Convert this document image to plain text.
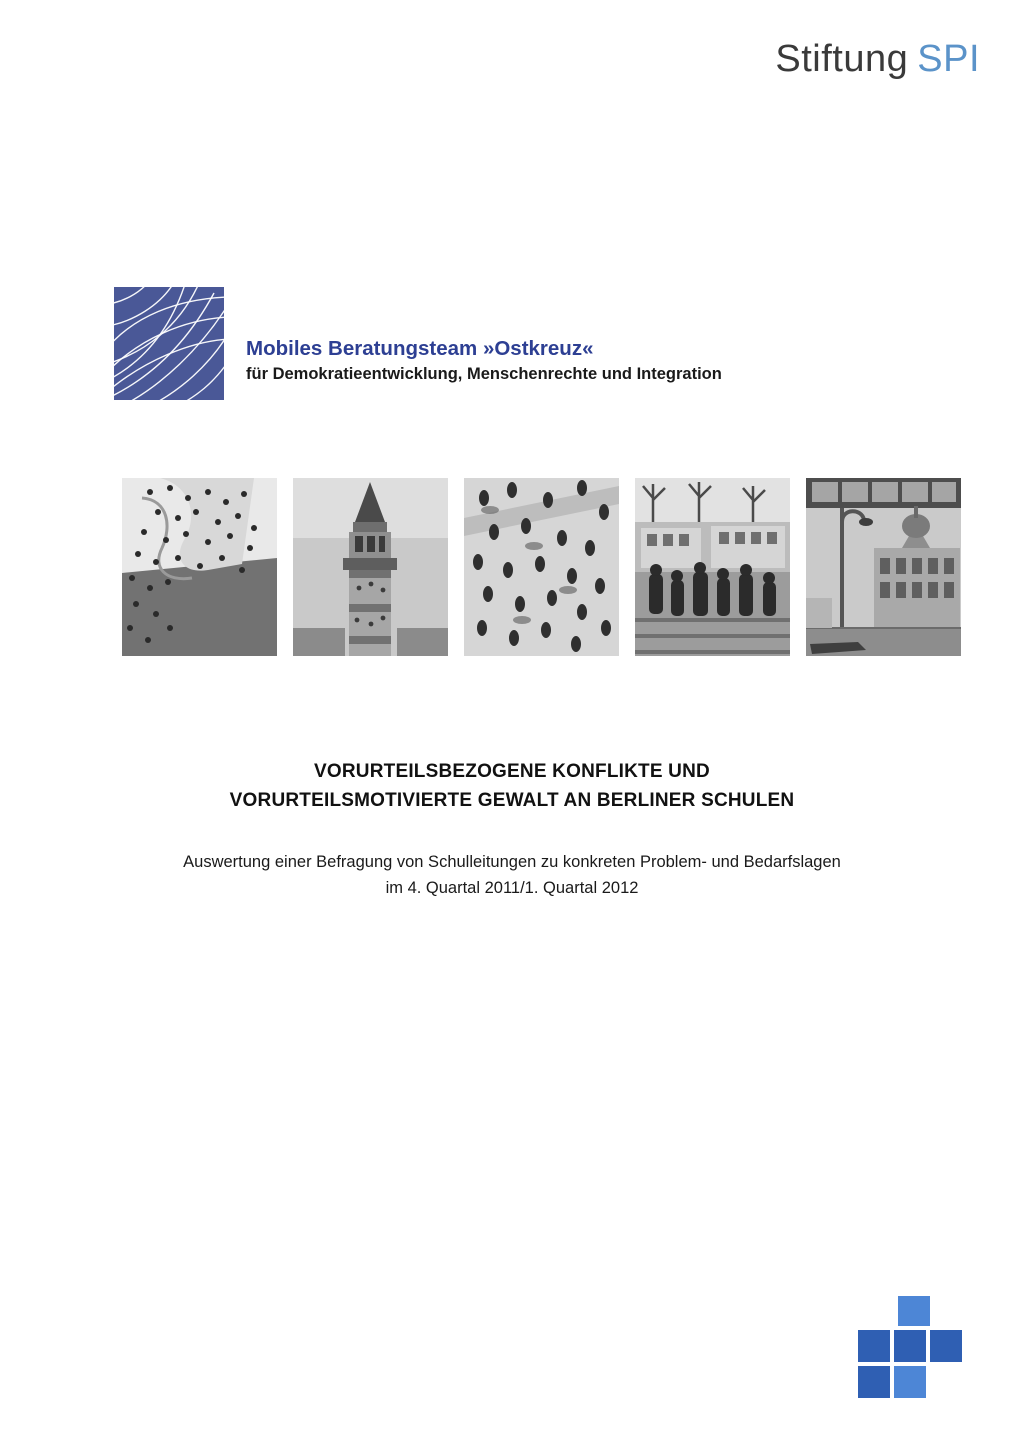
Stiftung SPI
Mobiles Beratungsteam »Ostkreuz«
für Demokratieentwicklung, Menschenrechte und Integration
VORURTEILSBEZOGENE KONFLIKTE UND
VORURTEILSMOTIVIERTE GEWALT AN BERLINER SCHULEN
Auswertung einer Befragung von Schulleitungen zu konkreten Problem- und Bedarfslagen
im 4. Quartal 2011/1. Quartal 2012
